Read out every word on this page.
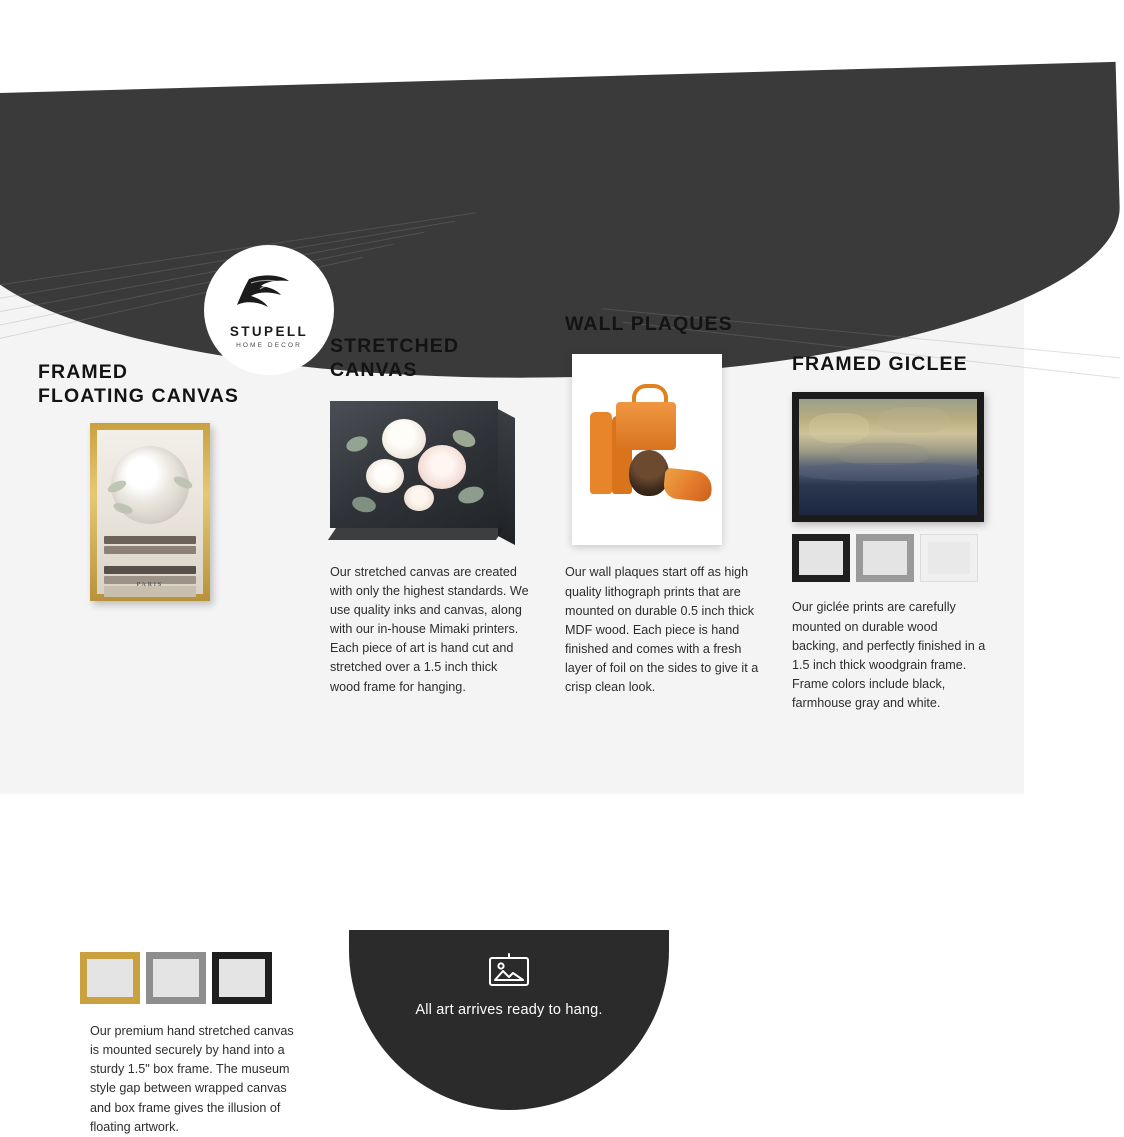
All art arrives ready to hang.
STUPELL
HOME DECOR
FRAMED
FLOATING CANVAS
PARIS

Our premium hand stretched canvas is mounted securely by hand into a sturdy 1.5" box frame. The museum style gap between wrapped canvas and box frame gives the illusion of floating artwork.

STRETCHED
CANVAS

Our stretched canvas are created with only the highest standards. We use quality inks and canvas, along with our in-house Mimaki printers. Each piece of art is hand cut and stretched over a 1.5 inch thick wood frame for hanging.

WALL PLAQUES

Our wall plaques start off as high quality lithograph prints that are mounted on durable 0.5 inch thick MDF wood. Each piece is hand finished and comes with a fresh layer of foil on the sides to give it a crisp clean look.

FRAMED GICLEE

Our giclée prints are carefully mounted on durable wood backing, and perfectly finished in a 1.5 inch thick woodgrain frame. Frame colors include black, farmhouse gray and white.
